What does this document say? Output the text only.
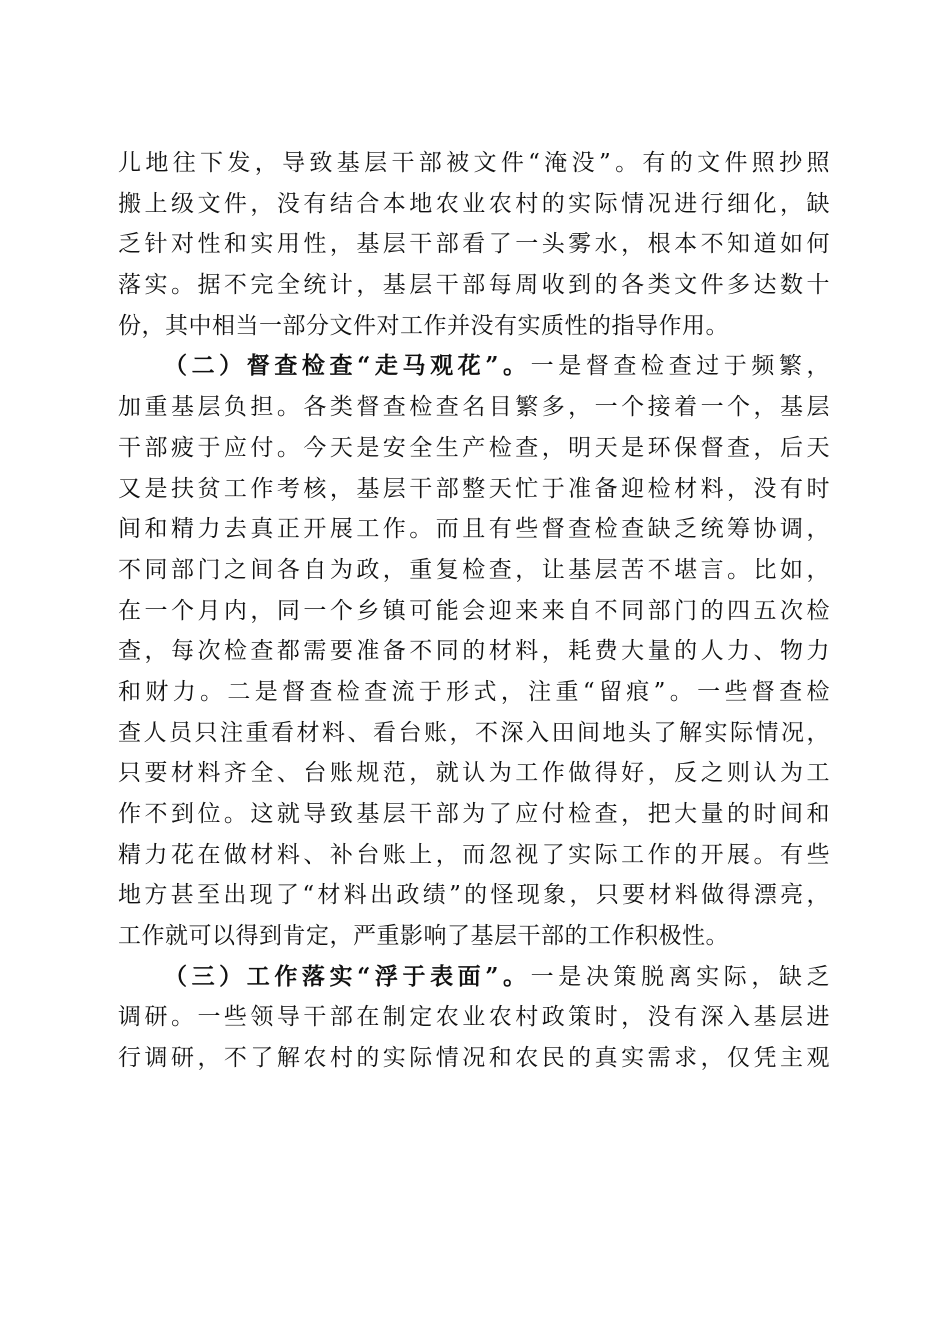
儿地往下发，导致基层干部被文件“淹没”。有的文件照抄照
搬上级文件，没有结合本地农业农村的实际情况进行细化，缺
乏针对性和实用性，基层干部看了一头雾水，根本不知道如何
落实。据不完全统计，基层干部每周收到的各类文件多达数十
份，其中相当一部分文件对工作并没有实质性的指导作用。
（二）督查检查“走马观花”。一是督查检查过于频繁，
加重基层负担。各类督查检查名目繁多，一个接着一个，基层
干部疲于应付。今天是安全生产检查，明天是环保督查，后天
又是扶贫工作考核，基层干部整天忙于准备迎检材料，没有时
间和精力去真正开展工作。而且有些督查检查缺乏统筹协调，
不同部门之间各自为政，重复检查，让基层苦不堪言。比如，
在一个月内，同一个乡镇可能会迎来来自不同部门的四五次检
查，每次检查都需要准备不同的材料，耗费大量的人力、物力
和财力。二是督查检查流于形式，注重“留痕”。一些督查检
查人员只注重看材料、看台账，不深入田间地头了解实际情况，
只要材料齐全、台账规范，就认为工作做得好，反之则认为工
作不到位。这就导致基层干部为了应付检查，把大量的时间和
精力花在做材料、补台账上，而忽视了实际工作的开展。有些
地方甚至出现了“材料出政绩”的怪现象，只要材料做得漂亮，
工作就可以得到肯定，严重影响了基层干部的工作积极性。
（三）工作落实“浮于表面”。一是决策脱离实际，缺乏
调研。一些领导干部在制定农业农村政策时，没有深入基层进
行调研，不了解农村的实际情况和农民的真实需求，仅凭主观
